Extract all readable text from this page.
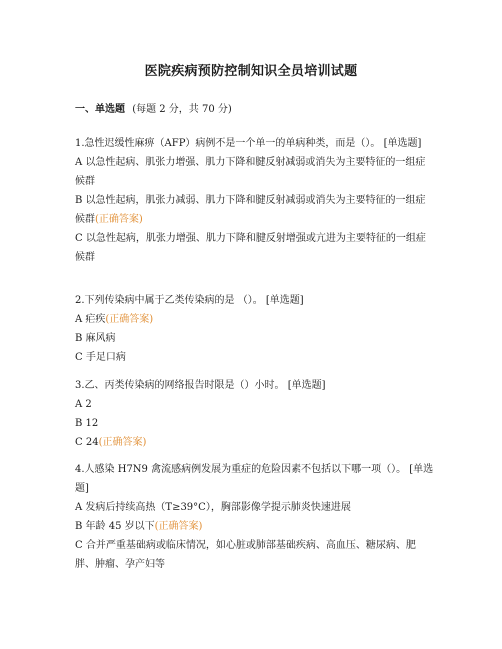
医院疾病预防控制知识全员培训试题
一、单选题 (每题 2 分，共 70 分)

1.急性迟缓性麻痹（AFP）病例不是一个单一的单病种类，而是（）。 [单选题]

A 以急性起病、肌张力增强、肌力下降和腱反射减弱或消失为主要特征的一组症候群

B 以急性起病，肌张力减弱、肌力下降和腱反射减弱或消失为主要特征的一组症候群(正确答案)

C 以急性起病，肌张力增强、肌力下降和腱反射增强或亢进为主要特征的一组症候群

2.下列传染病中属于乙类传染病的是 （）。 [单选题]

A 疟疾(正确答案)

B 麻风病

C 手足口病

3.乙、丙类传染病的网络报告时限是（）小时。 [单选题]

A 2

B 12

C 24(正确答案)

4.人感染 H7N9 禽流感病例发展为重症的危险因素不包括以下哪一项（）。 [单选题]

A 发病后持续高热（T≥39°C），胸部影像学提示肺炎快速进展

B 年龄 45 岁以下(正确答案)

C 合并严重基础病或临床情况，如心脏或肺部基础疾病、高血压、糖尿病、肥胖、肿瘤、孕产妇等
